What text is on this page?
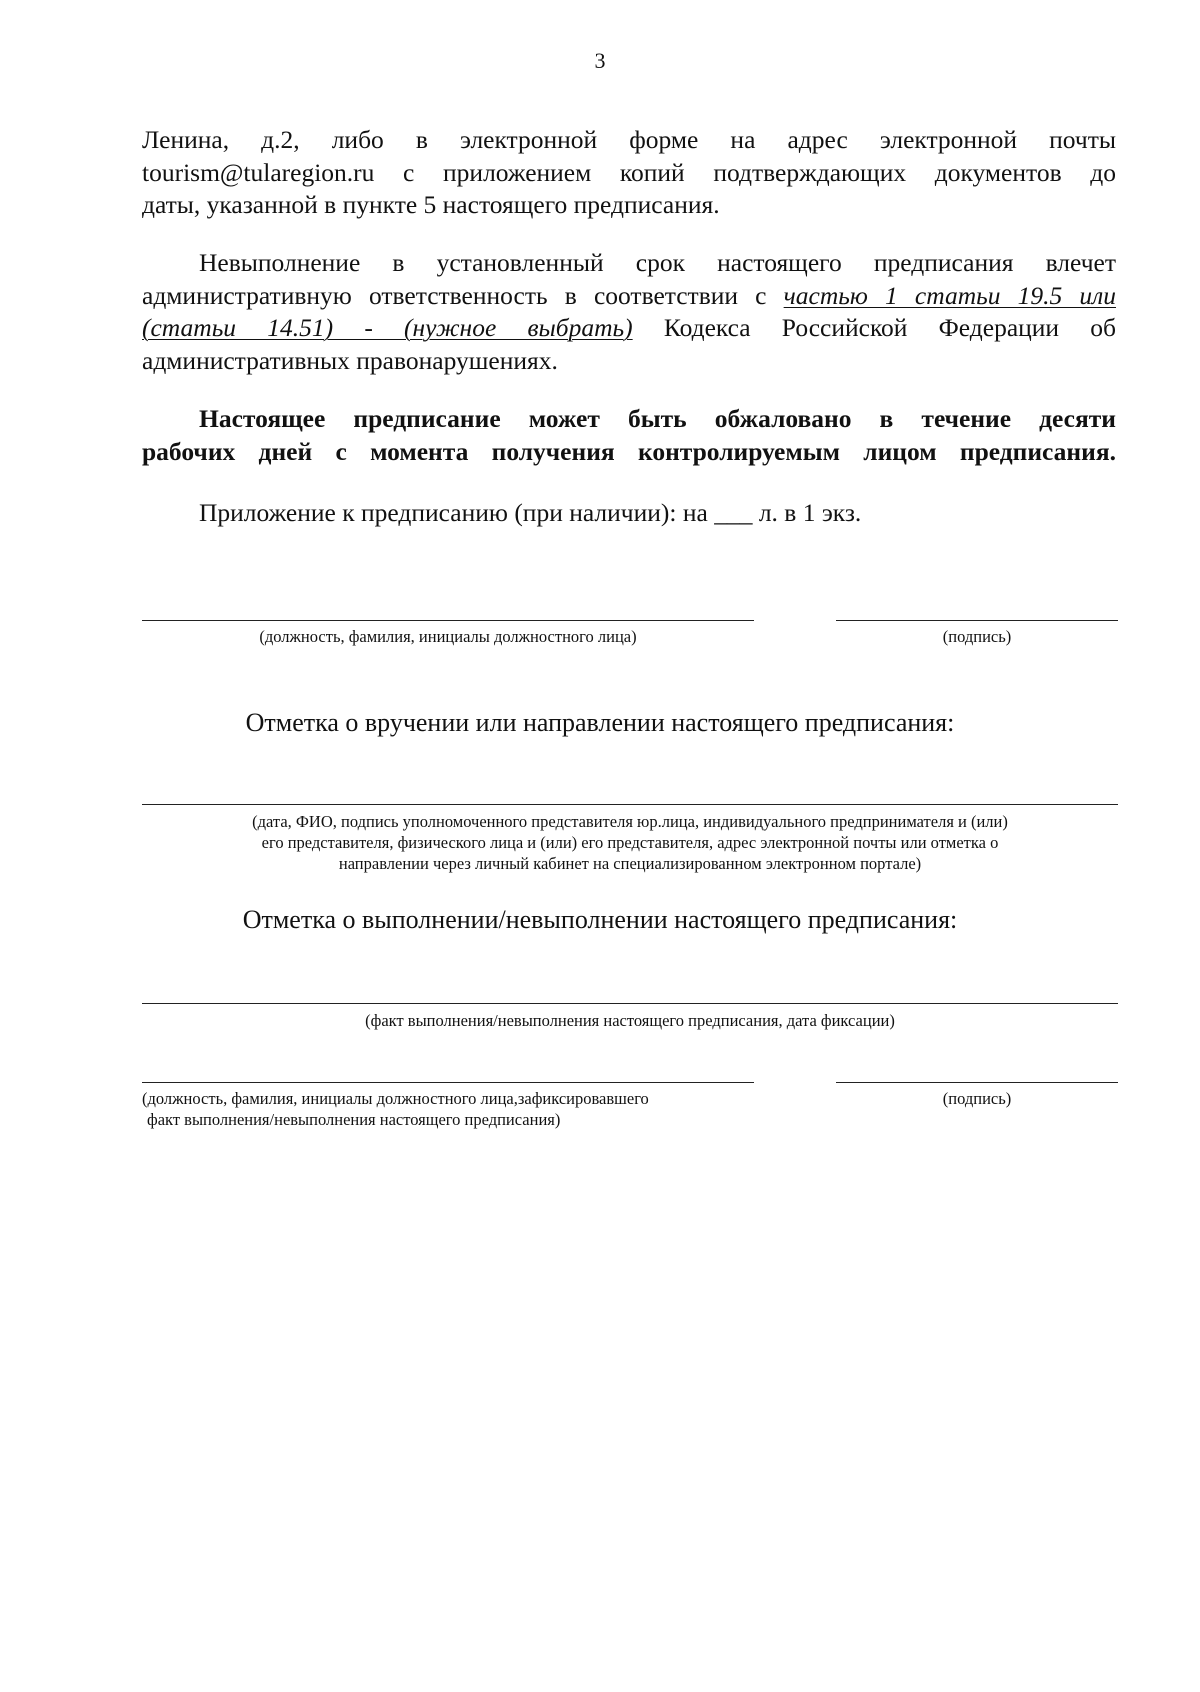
3
Ленина, д.2, либо в электронной форме на адрес электронной почты
tourism@tularegion.ru с приложением копий подтверждающих документов до
даты, указанной в пункте 5 настоящего предписания.
Невыполнение в установленный срок настоящего предписания влечет
административную ответственность в соответствии с частью 1 статьи 19.5 или
(статьи 14.51) - (нужное выбрать) Кодекса Российской Федерации об
административных правонарушениях.
Настоящее предписание может быть обжаловано в течение десяти
рабочих дней с момента получения контролируемым лицом предписания.
Приложение к предписанию (при наличии): на ___ л. в 1 экз.
(должность, фамилия, инициалы должностного лица)	(подпись)
Отметка о вручении или направлении настоящего предписания:
(дата, ФИО, подпись уполномоченного представителя юр.лица, индивидуального предпринимателя и (или)
его представителя, физического лица и (или) его представителя, адрес электронной почты или отметка о
направлении через личный кабинет на специализированном электронном портале)
Отметка о выполнении/невыполнении настоящего предписания:
(факт выполнения/невыполнения настоящего предписания, дата фиксации)
(должность, фамилия, инициалы должностного лица,зафиксировавшего
факт выполнения/невыполнения настоящего предписания)
(подпись)
